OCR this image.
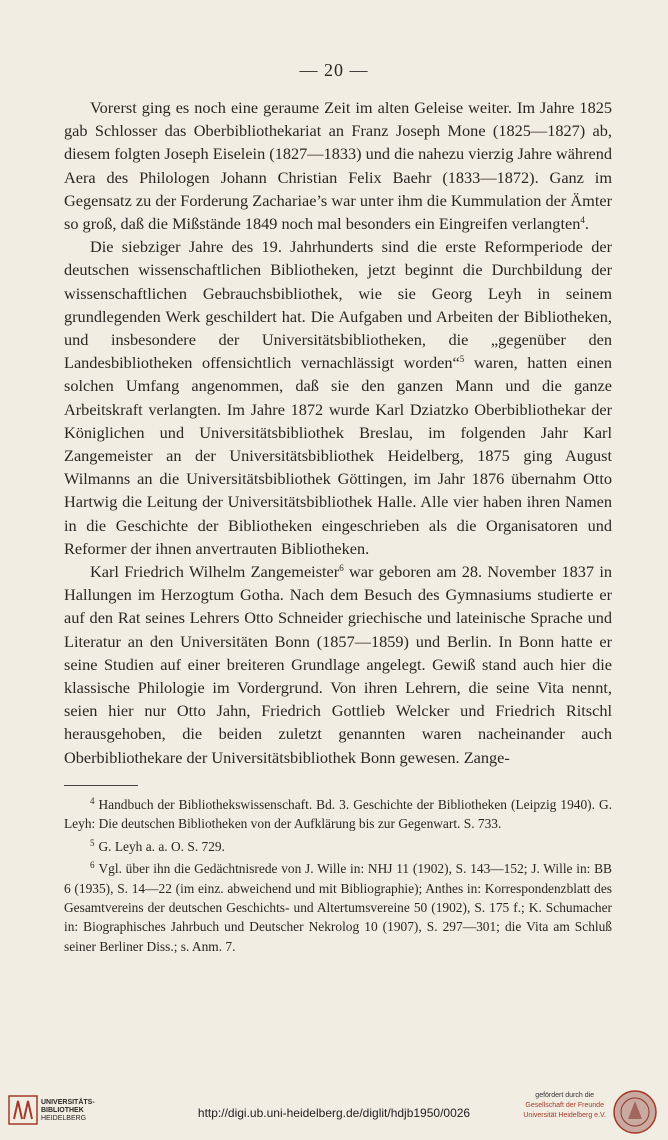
— 20 —

Vorerst ging es noch eine geraume Zeit im alten Geleise weiter. Im Jahre 1825 gab Schlosser das Oberbibliothekariat an Franz Joseph Mone (1825—1827) ab, diesem folgten Joseph Eiselein (1827—1833) und die nahezu vierzig Jahre während Aera des Philologen Johann Christian Felix Baehr (1833—1872). Ganz im Gegensatz zu der Forderung Zachariae’s war unter ihm die Kummulation der Ämter so groß, daß die Mißstände 1849 noch mal besonders ein Eingreifen verlangten$^4$.

Die siebziger Jahre des 19. Jahrhunderts sind die erste Reformperiode der deutschen wissenschaftlichen Bibliotheken, jetzt beginnt die Durchbildung der wissenschaftlichen Gebrauchsbibliothek, wie sie Georg Leyh in seinem grundlegenden Werk geschildert hat. Die Aufgaben und Arbeiten der Bibliotheken, und insbesondere der Universitätsbibliotheken, die „gegenüber den Landesbibliotheken offensichtlich vernachlässigt worden“$^5$ waren, hatten einen solchen Umfang angenommen, daß sie den ganzen Mann und die ganze Arbeitskraft verlangten. Im Jahre 1872 wurde Karl Dziatzko Oberbibliothekar der Königlichen und Universitätsbibliothek Breslau, im folgenden Jahr Karl Zangemeister an der Universitätsbibliothek Heidelberg, 1875 ging August Wilmanns an die Universitätsbibliothek Göttingen, im Jahr 1876 übernahm Otto Hartwig die Leitung der Universitätsbibliothek Halle. Alle vier haben ihren Namen in die Geschichte der Bibliotheken eingeschrieben als die Organisatoren und Reformer der ihnen anvertrauten Bibliotheken.

Karl Friedrich Wilhelm Zangemeister$^6$ war geboren am 28. November 1837 in Hallungen im Herzogtum Gotha. Nach dem Besuch des Gymnasiums studierte er auf den Rat seines Lehrers Otto Schneider griechische und lateinische Sprache und Literatur an den Universitäten Bonn (1857—1859) und Berlin. In Bonn hatte er seine Studien auf einer breiteren Grundlage angelegt. Gewiß stand auch hier die klassische Philologie im Vordergrund. Von ihren Lehrern, die seine Vita nennt, seien hier nur Otto Jahn, Friedrich Gottlieb Welcker und Friedrich Ritschl herausgehoben, die beiden zuletzt genannten waren nacheinander auch Oberbibliothekare der Universitätsbibliothek Bonn gewesen. Zange-

$^4$ Handbuch der Bibliothekswissenschaft. Bd. 3. Geschichte der Bibliotheken (Leipzig 1940). G. Leyh: Die deutschen Bibliotheken von der Aufklärung bis zur Gegenwart. S. 733.

$^5$ G. Leyh a. a. O. S. 729.

$^6$ Vgl. über ihn die Gedächtnisrede von J. Wille in: NHJ 11 (1902), S. 143—152; J. Wille in: BB 6 (1935), S. 14—22 (im einz. abweichend und mit Bibliographie); Anthes in: Korrespondenzblatt des Gesamtvereins der deutschen Geschichts- und Altertumsvereine 50 (1902), S. 175 f.; K. Schumacher in: Biographisches Jahrbuch und Deutscher Nekrolog 10 (1907), S. 297—301; die Vita am Schluß seiner Berliner Diss.; s. Anm. 7.

UNIVERSITÄTS-
BIBLIOTHEK
HEIDELBERG	http://digi.ub.uni-heidelberg.de/diglit/hdjb1950/0026
gefördert durch die
Gesellschaft der Freunde
Universität Heidelberg e.V.
